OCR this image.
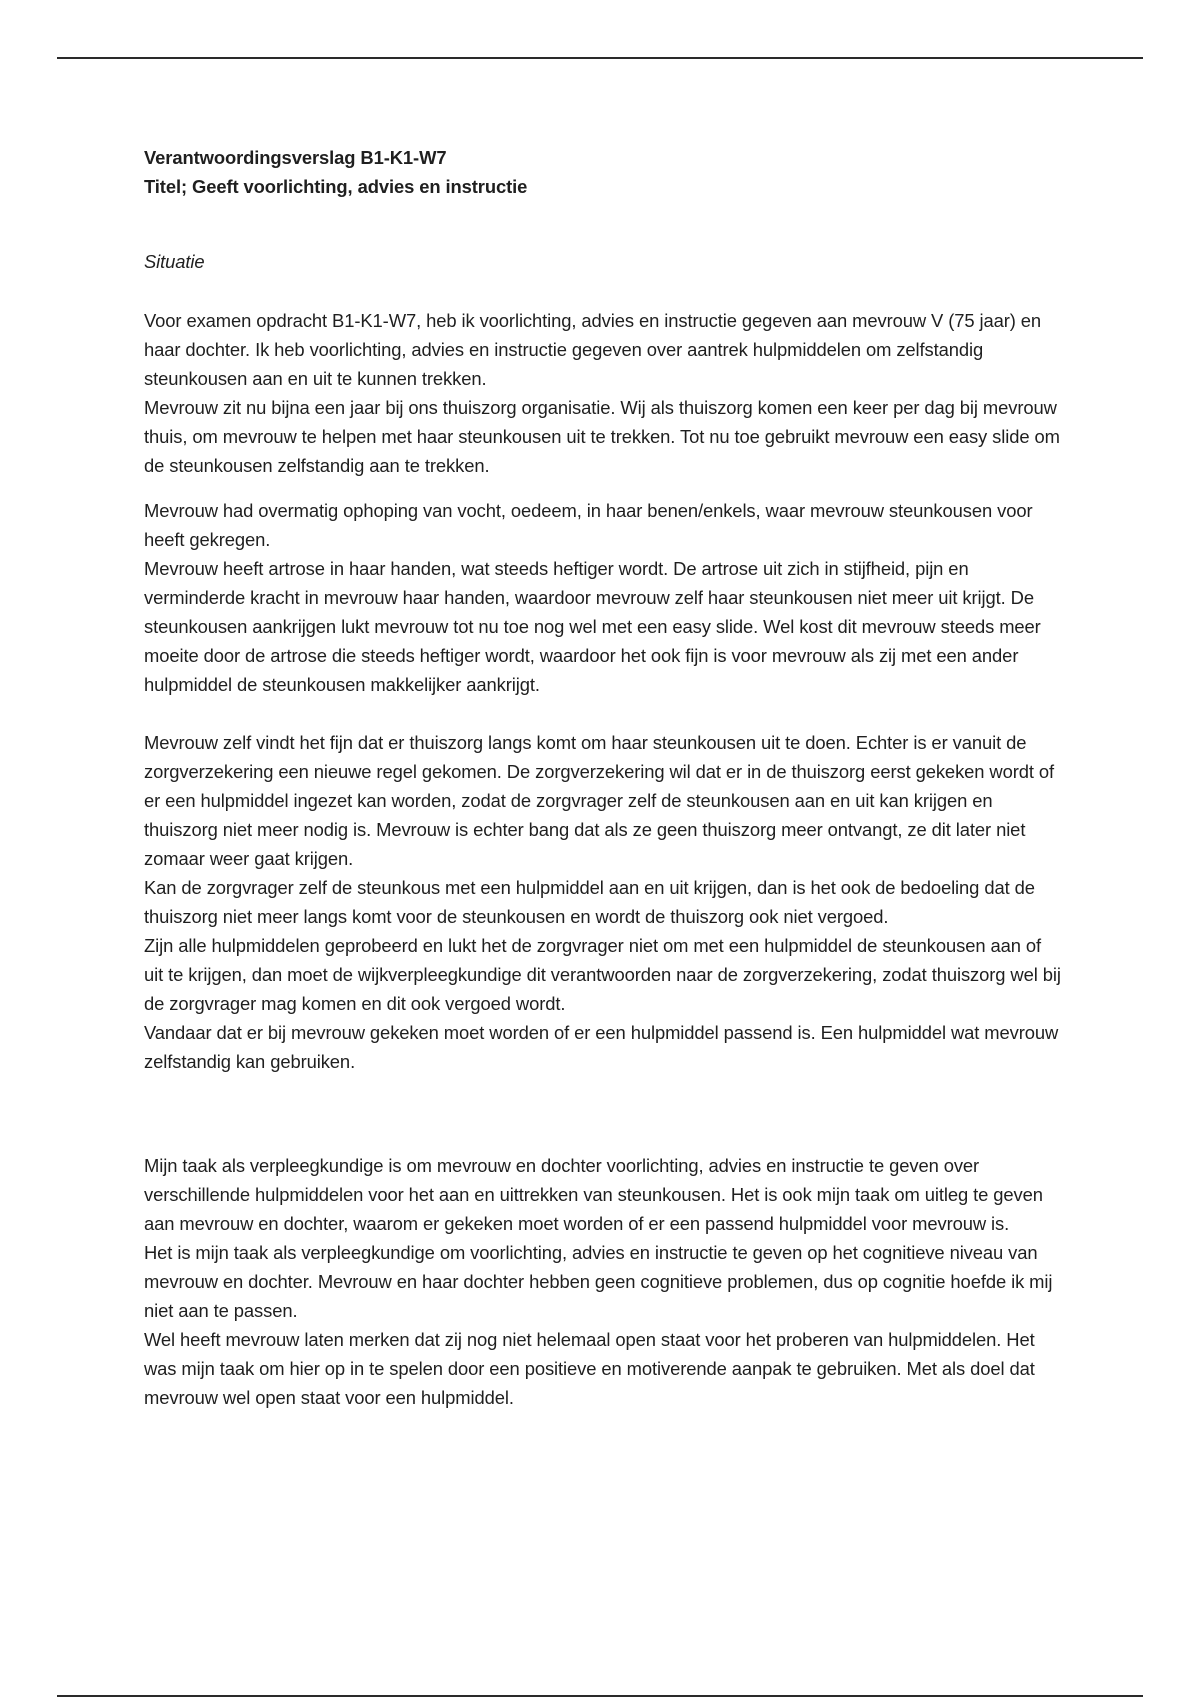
Verantwoordingsverslag B1-K1-W7

Titel; Geeft voorlichting, advies en instructie

Situatie

Voor examen opdracht B1-K1-W7, heb ik voorlichting, advies en instructie gegeven aan mevrouw V (75 jaar) en haar dochter. Ik heb voorlichting, advies en instructie gegeven over aantrek hulpmiddelen om zelfstandig steunkousen aan en uit te kunnen trekken.

Mevrouw zit nu bijna een jaar bij ons thuiszorg organisatie. Wij als thuiszorg komen een keer per dag bij mevrouw thuis, om mevrouw te helpen met haar steunkousen uit te trekken. Tot nu toe gebruikt mevrouw een easy slide om de steunkousen zelfstandig aan te trekken.

Mevrouw had overmatig ophoping van vocht, oedeem, in haar benen/enkels, waar mevrouw steunkousen voor heeft gekregen.

Mevrouw heeft artrose in haar handen, wat steeds heftiger wordt. De artrose uit zich in stijfheid, pijn en verminderde kracht in mevrouw haar handen, waardoor mevrouw zelf haar steunkousen niet meer uit krijgt. De steunkousen aankrijgen lukt mevrouw tot nu toe nog wel met een easy slide. Wel kost dit mevrouw steeds meer moeite door de artrose die steeds heftiger wordt, waardoor het ook fijn is voor mevrouw als zij met een ander hulpmiddel de steunkousen makkelijker aankrijgt.

Mevrouw zelf vindt het fijn dat er thuiszorg langs komt om haar steunkousen uit te doen. Echter is er vanuit de zorgverzekering een nieuwe regel gekomen. De zorgverzekering wil dat er in de thuiszorg eerst gekeken wordt of er een hulpmiddel ingezet kan worden, zodat de zorgvrager zelf de steunkousen aan en uit kan krijgen en thuiszorg niet meer nodig is. Mevrouw is echter bang dat als ze geen thuiszorg meer ontvangt, ze dit later niet zomaar weer gaat krijgen.

Kan de zorgvrager zelf de steunkous met een hulpmiddel aan en uit krijgen, dan is het ook de bedoeling dat de thuiszorg niet meer langs komt voor de steunkousen en wordt de thuiszorg ook niet vergoed.

Zijn alle hulpmiddelen geprobeerd en lukt het de zorgvrager niet om met een hulpmiddel de steunkousen aan of uit te krijgen, dan moet de wijkverpleegkundige dit verantwoorden naar de zorgverzekering, zodat thuiszorg wel bij de zorgvrager mag komen en dit ook vergoed wordt.

Vandaar dat er bij mevrouw gekeken moet worden of er een hulpmiddel passend is. Een hulpmiddel wat mevrouw zelfstandig kan gebruiken.

Mijn taak als verpleegkundige is om mevrouw en dochter voorlichting, advies en instructie te geven over verschillende hulpmiddelen voor het aan en uittrekken van steunkousen. Het is ook mijn taak om uitleg te geven aan mevrouw en dochter, waarom er gekeken moet worden of er een passend hulpmiddel voor mevrouw is.

Het is mijn taak als verpleegkundige om voorlichting, advies en instructie te geven op het cognitieve niveau van mevrouw en dochter. Mevrouw en haar dochter hebben geen cognitieve problemen, dus op cognitie hoefde ik mij niet aan te passen.

Wel heeft mevrouw laten merken dat zij nog niet helemaal open staat voor het proberen van hulpmiddelen. Het was mijn taak om hier op in te spelen door een positieve en motiverende aanpak te gebruiken. Met als doel dat mevrouw wel open staat voor een hulpmiddel.
